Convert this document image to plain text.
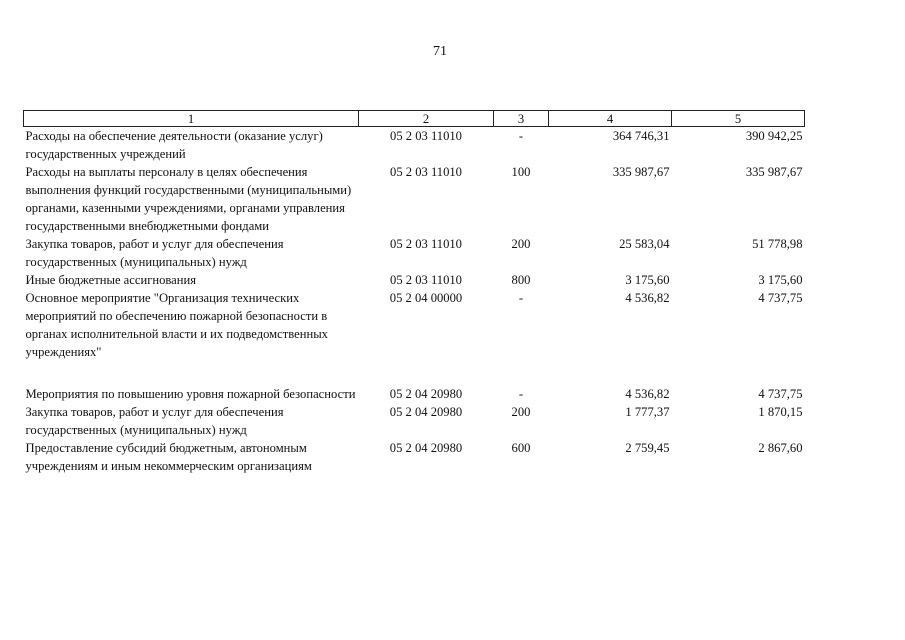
71
1	2	3	4	5
Расходы на обеспечение деятельности (оказание услуг) государственных учреждений	05 2 03 11010	-	364 746,31	390 942,25
Расходы на выплаты персоналу в целях обеспечения выполнения функций государственными (муниципальными) органами, казенными учреждениями, органами управления государственными внебюджетными фондами	05 2 03 11010	100	335 987,67	335 987,67
Закупка товаров, работ и услуг для обеспечения государственных (муниципальных) нужд	05 2 03 11010	200	25 583,04	51 778,98
Иные бюджетные ассигнования	05 2 03 11010	800	3 175,60	3 175,60
Основное мероприятие "Организация технических мероприятий по обеспечению пожарной безопасности в органах исполнительной власти и их подведомственных учреждениях"	05 2 04 00000	-	4 536,82	4 737,75

Мероприятия по повышению уровня пожарной безопасности	05 2 04 20980	-	4 536,82	4 737,75
Закупка товаров, работ и услуг для обеспечения государственных (муниципальных) нужд	05 2 04 20980	200	1 777,37	1 870,15
Предоставление субсидий бюджетным, автономным учреждениям и иным некоммерческим организациям	05 2 04 20980	600	2 759,45	2 867,60
